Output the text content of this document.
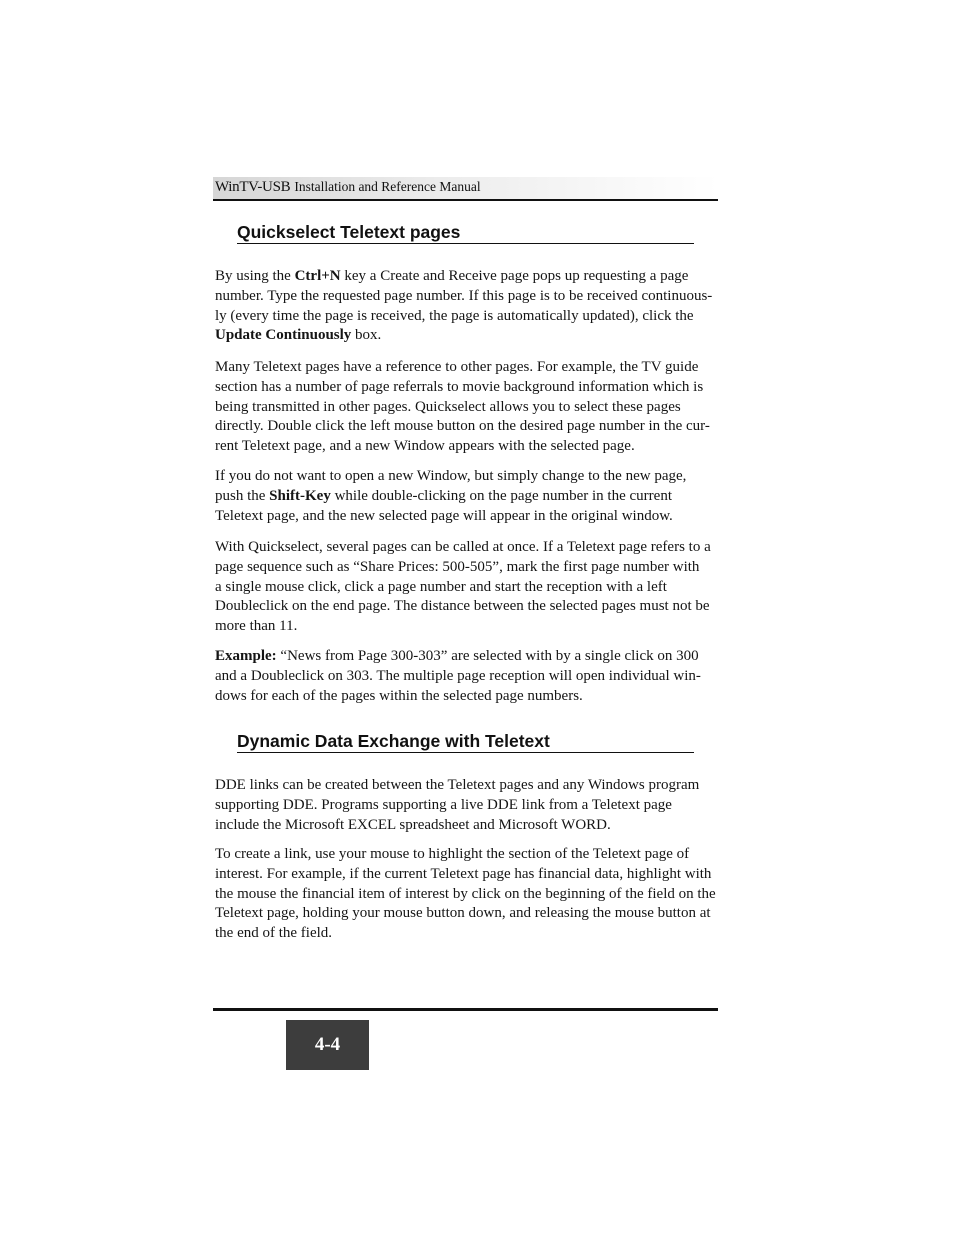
WinTV-USB Installation and Reference Manual
Quickselect Teletext pages

By using the Ctrl+N key a Create and Receive page pops up requesting a page
number. Type the requested page number. If this page is to be received continuous-
ly (every time the page is received, the page is automatically updated), click the
Update Continuously box.

Many Teletext pages have a reference to other pages. For example, the TV guide
section has a number of page referrals to movie background information which is
being transmitted in other pages. Quickselect allows you to select these pages
directly. Double click the left mouse button on the desired page number in the cur-
rent Teletext page, and a new Window appears with the selected page.

If you do not want to open a new Window, but simply change to the new page,
push the Shift-Key while double-clicking on the page number in the current
Teletext page, and the new selected page will appear in the original window.

With Quickselect, several pages can be called at once. If a Teletext page refers to a
page sequence such as “Share Prices: 500-505”, mark the first page number with
a single mouse click, click a page number and start the reception with a left
Doubleclick on the end page. The distance between the selected pages must not be
more than 11.

Example: “News from Page 300-303” are selected with by a single click on 300
and a Doubleclick on 303. The multiple page reception will open individual win-
dows for each of the pages within the selected page numbers.

Dynamic Data Exchange with Teletext

DDE links can be created between the Teletext pages and any Windows program
supporting DDE. Programs supporting a live DDE link from a Teletext page
include the Microsoft EXCEL spreadsheet and Microsoft WORD.

To create a link, use your mouse to highlight the section of the Teletext page of
interest. For example, if the current Teletext page has financial data, highlight with
the mouse the financial item of interest by click on the beginning of the field on the
Teletext page, holding your mouse button down, and releasing the mouse button at
the end of the field.

4-4
